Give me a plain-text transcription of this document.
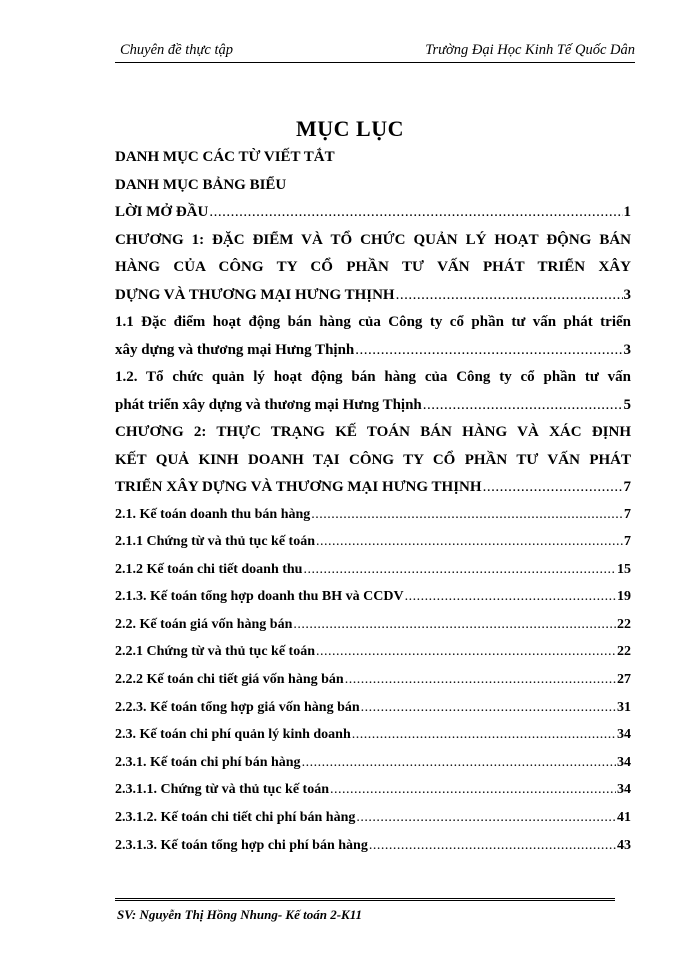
Chuyên đề thực tập	Trường Đại Học Kinh Tế Quốc Dân
MỤC LỤC
DANH MỤC CÁC TỪ VIẾT TẮT
DANH MỤC BẢNG BIỂU
LỜI MỞ ĐẦU .....	1
CHƯƠNG 1: ĐẶC ĐIỂM VÀ TỔ CHỨC QUẢN LÝ HOẠT ĐỘNG BÁN
HÀNG CỦA CÔNG TY CỔ PHẦN TƯ VẤN PHÁT TRIỂN XÂY
DỰNG VÀ THƯƠNG MẠI HƯNG THỊNH .....	3
1.1 Đặc điểm hoạt động bán hàng của Công ty cổ phần tư vấn phát triển
xây dựng và thương mại Hưng Thịnh .....	3
1.2. Tổ chức quản lý hoạt động bán hàng của Công ty cổ phần tư vấn
phát triển xây dựng và thương mại Hưng Thịnh .....	5
CHƯƠNG 2: THỰC TRẠNG KẾ TOÁN BÁN HÀNG VÀ XÁC ĐỊNH
KẾT QUẢ KINH DOANH TẠI CÔNG TY CỔ PHẦN TƯ VẤN PHÁT
TRIỂN XÂY DỰNG VÀ THƯƠNG MẠI HƯNG THỊNH .....	7
2.1. Kế toán doanh thu bán hàng .....	7
2.1.1 Chứng từ và thủ tục kế toán .....	7
2.1.2 Kế toán chi tiết doanh thu .....	15
2.1.3. Kế toán tổng hợp doanh thu BH và CCDV .....	19
2.2. Kế toán giá vốn hàng bán .....	22
2.2.1 Chứng từ và thủ tục kế toán .....	22
2.2.2 Kế toán chi tiết giá vốn hàng bán .....	27
2.2.3. Kế toán tổng hợp giá vốn hàng bán .....	31
2.3. Kế toán chi phí quản lý kinh doanh .....	34
2.3.1. Kế toán chi phí bán hàng .....	34
2.3.1.1. Chứng từ và thủ tục kế toán .....	34
2.3.1.2. Kế toán chi tiết chi phí bán hàng .....	41
2.3.1.3. Kế toán tổng hợp chi phí bán hàng .....	43
SV: Nguyễn Thị Hồng Nhung- Kế toán 2-K11
